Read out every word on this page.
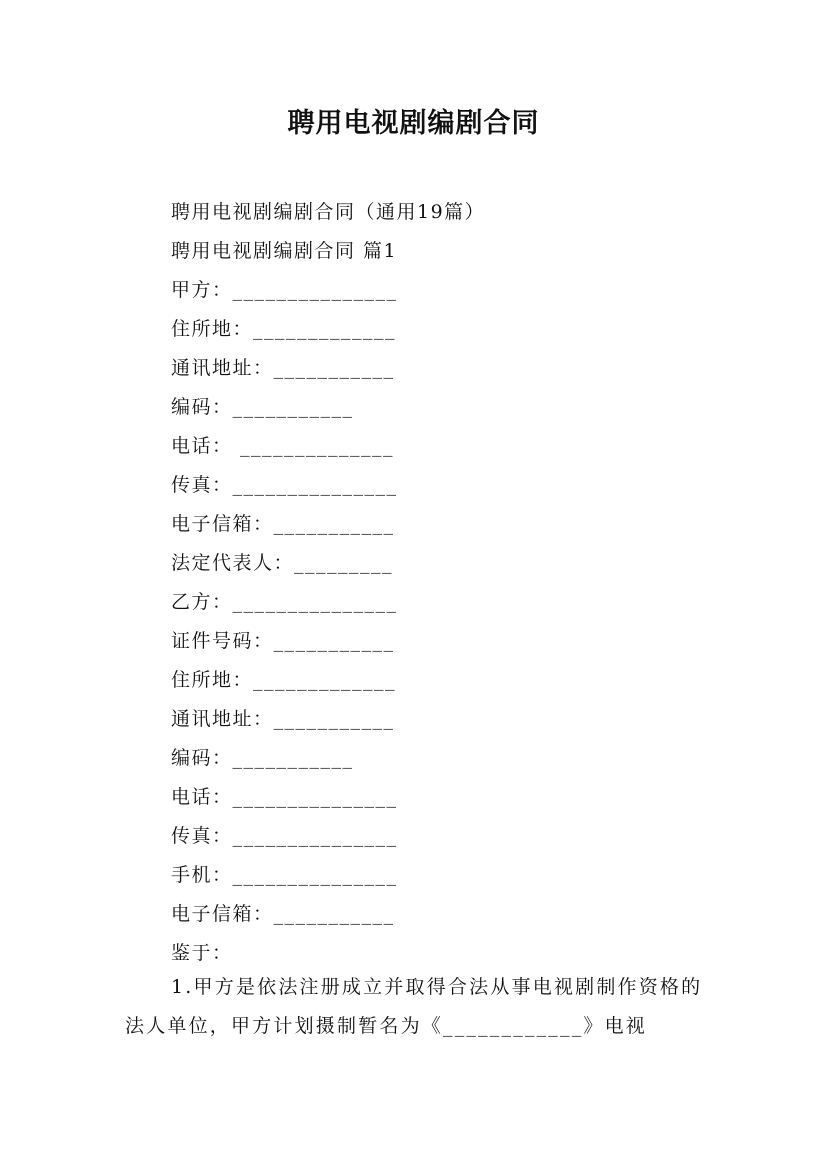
聘用电视剧编剧合同
聘用电视剧编剧合同（通用19篇）
聘用电视剧编剧合同 篇1
甲方：_______________
住所地：_____________
通讯地址：___________
编码：___________
电话： ______________
传真：_______________
电子信箱：___________
法定代表人：_________
乙方：_______________
证件号码：___________
住所地：_____________
通讯地址：___________
编码：___________
电话：_______________
传真：_______________
手机：_______________
电子信箱：___________
鉴于：
1.甲方是依法注册成立并取得合法从事电视剧制作资格的法人单位，甲方计划摄制暂名为《____________》电视
